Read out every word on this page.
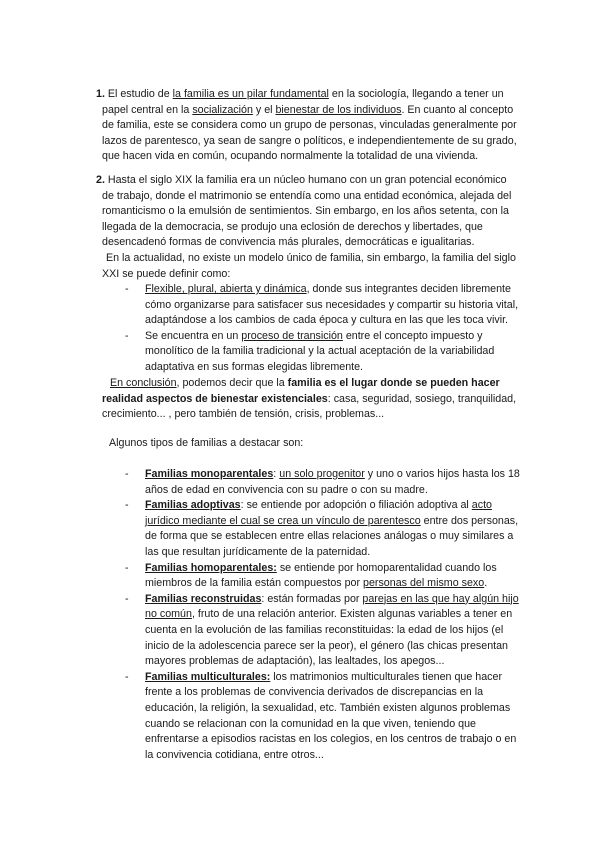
1. El estudio de la familia es un pilar fundamental en la sociología, llegando a tener un papel central en la socialización y el bienestar de los individuos. En cuanto al concepto de familia, este se considera como un grupo de personas, vinculadas generalmente por lazos de parentesco, ya sean de sangre o políticos, e independientemente de su grado, que hacen vida en común, ocupando normalmente la totalidad de una vivienda.
2. Hasta el siglo XIX la familia era un núcleo humano con un gran potencial económico de trabajo, donde el matrimonio se entendía como una entidad económica, alejada del romanticismo o la emulsión de sentimientos. Sin embargo, en los años setenta, con la llegada de la democracia, se produjo una eclosión de derechos y libertades, que desencadenó formas de convivencia más plurales, democráticas e igualitarias.
En la actualidad, no existe un modelo único de familia, sin embargo, la familia del siglo XXI se puede definir como:
- Flexible, plural, abierta y dinámica, donde sus integrantes deciden libremente cómo organizarse para satisfacer sus necesidades y compartir su historia vital, adaptándose a los cambios de cada época y cultura en las que les toca vivir.
- Se encuentra en un proceso de transición entre el concepto impuesto y monolítico de la familia tradicional y la actual aceptación de la variabilidad adaptativa en sus formas elegidas libremente.
En conclusión, podemos decir que la familia es el lugar donde se pueden hacer realidad aspectos de bienestar existenciales: casa, seguridad, sosiego, tranquilidad, crecimiento... , pero también de tensión, crisis, problemas...
Algunos tipos de familias a destacar son:
- Familias monoparentales: un solo progenitor y uno o varios hijos hasta los 18 años de edad en convivencia con su padre o con su madre.
- Familias adoptivas: se entiende por adopción o filiación adoptiva al acto jurídico mediante el cual se crea un vínculo de parentesco entre dos personas, de forma que se establecen entre ellas relaciones análogas o muy similares a las que resultan jurídicamente de la paternidad.
- Familias homoparentales: se entiende por homoparentalidad cuando los miembros de la familia están compuestos por personas del mismo sexo.
- Familias reconstruidas: están formadas por parejas en las que hay algún hijo no común, fruto de una relación anterior. Existen algunas variables a tener en cuenta en la evolución de las familias reconstituidas: la edad de los hijos (el inicio de la adolescencia parece ser la peor), el género (las chicas presentan mayores problemas de adaptación), las lealtades, los apegos...
- Familias multiculturales: los matrimonios multiculturales tienen que hacer frente a los problemas de convivencia derivados de discrepancias en la educación, la religión, la sexualidad, etc. También existen algunos problemas cuando se relacionan con la comunidad en la que viven, teniendo que enfrentarse a episodios racistas en los colegios, en los centros de trabajo o en la convivencia cotidiana, entre otros...
